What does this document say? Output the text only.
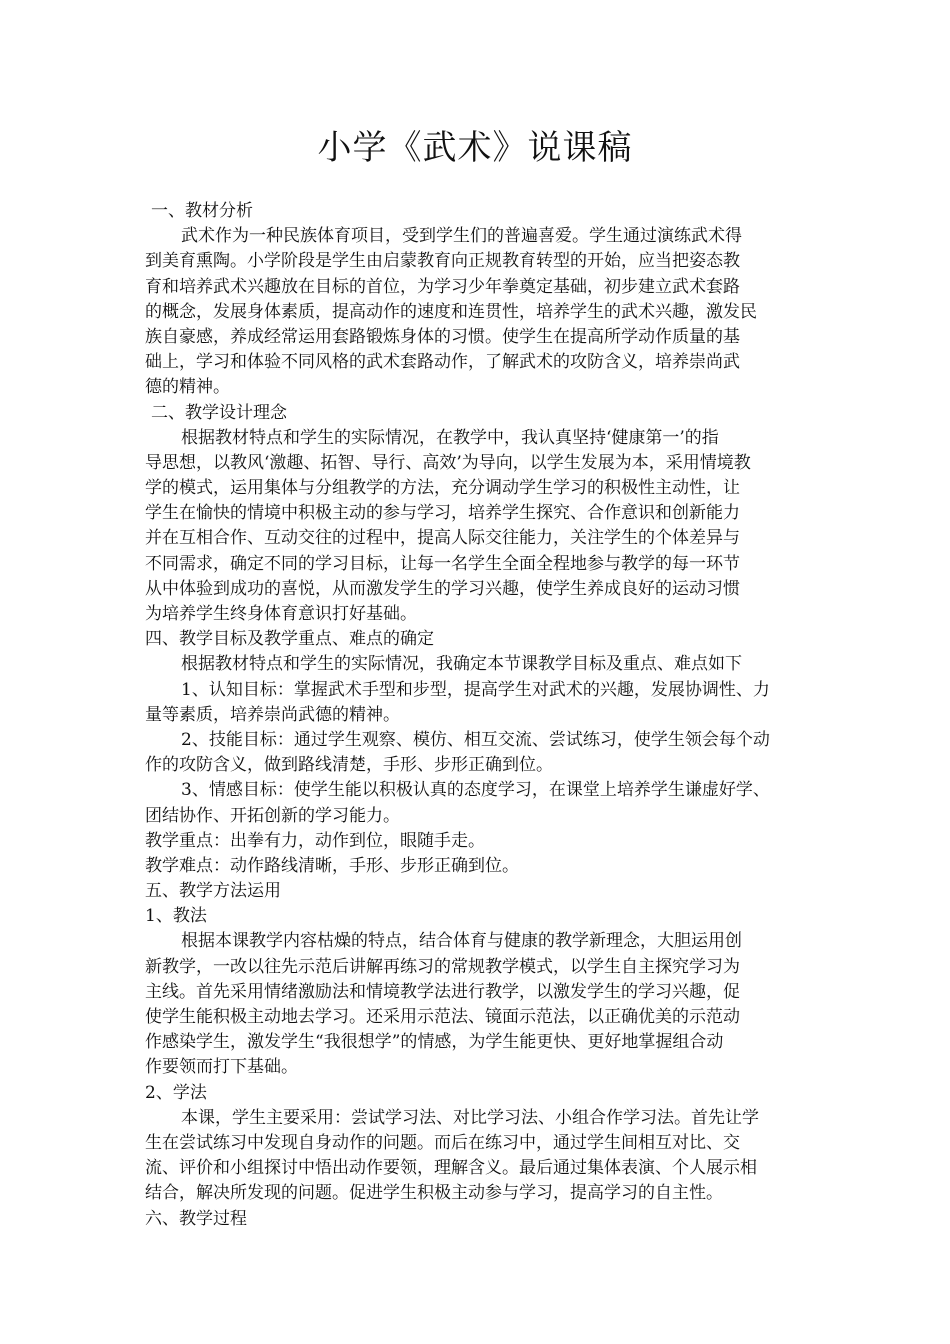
小学《武术》说课稿
一、教材分析
武术作为一种民族体育项目，受到学生们的普遍喜爱。学生通过演练武术得
到美育熏陶。小学阶段是学生由启蒙教育向正规教育转型的开始，应当把姿态教
育和培养武术兴趣放在目标的首位，为学习少年拳奠定基础，初步建立武术套路
的概念，发展身体素质，提高动作的速度和连贯性，培养学生的武术兴趣，激发民
族自豪感，养成经常运用套路锻炼身体的习惯。使学生在提高所学动作质量的基
础上，学习和体验不同风格的武术套路动作，了解武术的攻防含义，培养崇尚武
德的精神。
二、教学设计理念
根据教材特点和学生的实际情况，在教学中，我认真坚持‘健康第一’的指
导思想，以教风‘激趣、拓智、导行、高效’为导向，以学生发展为本，采用情境教
学的模式，运用集体与分组教学的方法，充分调动学生学习的积极性主动性，让
学生在愉快的情境中积极主动的参与学习，培养学生探究、合作意识和创新能力
并在互相合作、互动交往的过程中，提高人际交往能力，关注学生的个体差异与
不同需求，确定不同的学习目标，让每一名学生全面全程地参与教学的每一环节
从中体验到成功的喜悦，从而激发学生的学习兴趣，使学生养成良好的运动习惯
为培养学生终身体育意识打好基础。
四、教学目标及教学重点、难点的确定
根据教材特点和学生的实际情况，我确定本节课教学目标及重点、难点如下
1、认知目标：掌握武术手型和步型，提高学生对武术的兴趣，发展协调性、力
量等素质，培养崇尚武德的精神。
2、技能目标：通过学生观察、模仿、相互交流、尝试练习，使学生领会每个动
作的攻防含义，做到路线清楚，手形、步形正确到位。
3、情感目标：使学生能以积极认真的态度学习，在课堂上培养学生谦虚好学、
团结协作、开拓创新的学习能力。
教学重点：出拳有力，动作到位，眼随手走。
教学难点：动作路线清晰，手形、步形正确到位。
五、教学方法运用
1、教法
根据本课教学内容枯燥的特点，结合体育与健康的教学新理念，大胆运用创
新教学，一改以往先示范后讲解再练习的常规教学模式，以学生自主探究学习为
主线。首先采用情绪激励法和情境教学法进行教学，以激发学生的学习兴趣，促
使学生能积极主动地去学习。还采用示范法、镜面示范法，以正确优美的示范动
作感染学生，激发学生“我很想学”的情感，为学生能更快、更好地掌握组合动
作要领而打下基础。
2、学法
本课，学生主要采用：尝试学习法、对比学习法、小组合作学习法。首先让学
生在尝试练习中发现自身动作的问题。而后在练习中，通过学生间相互对比、交
流、评价和小组探讨中悟出动作要领，理解含义。最后通过集体表演、个人展示相
结合，解决所发现的问题。促进学生积极主动参与学习，提高学习的自主性。
六、教学过程
